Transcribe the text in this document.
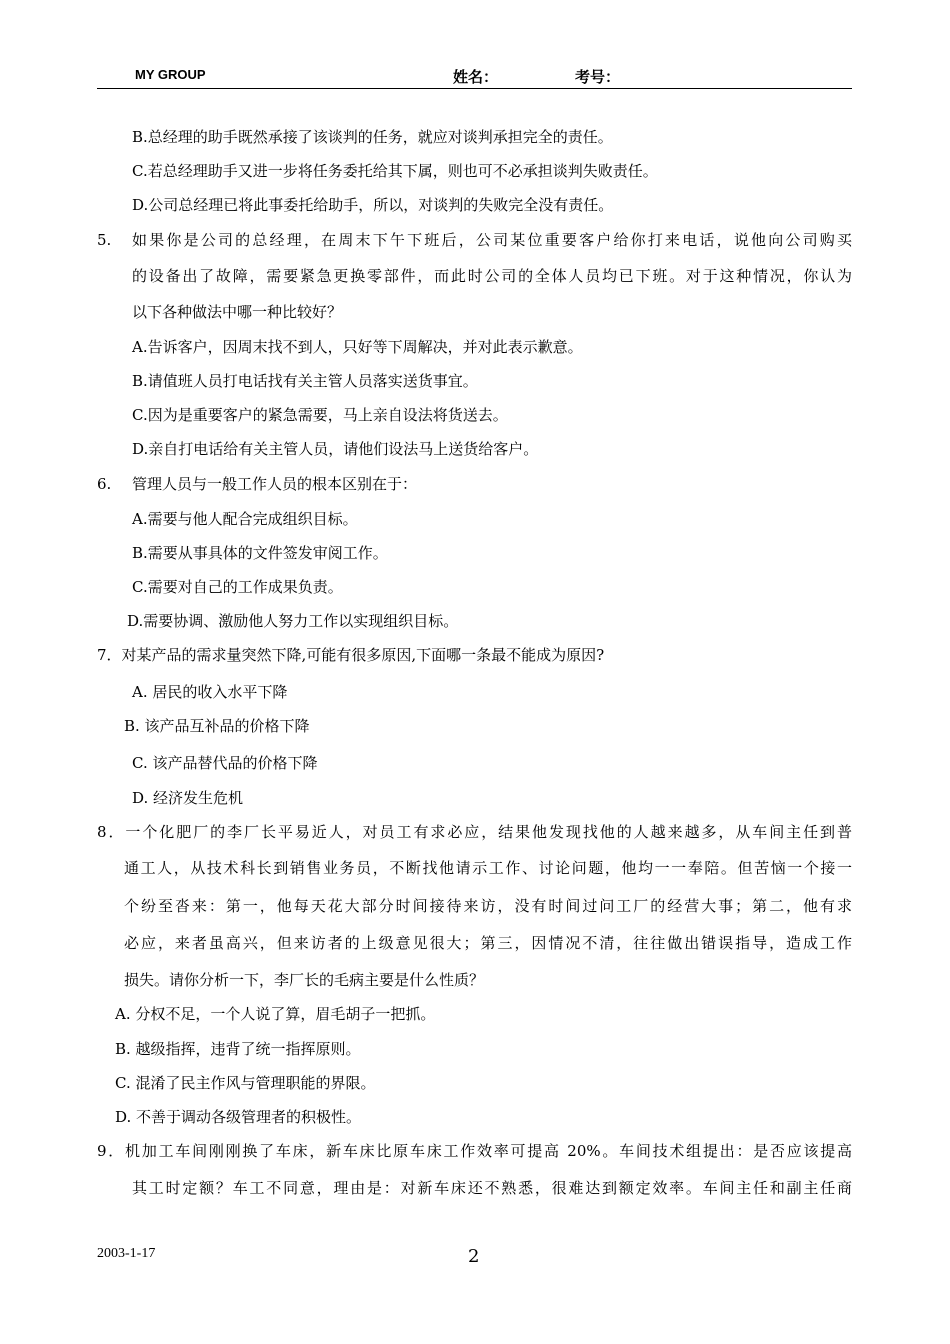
MY GROUP	姓名：	考号：
B.总经理的助手既然承接了该谈判的任务，就应对谈判承担完全的责任。
C.若总经理助手又进一步将任务委托给其下属，则也可不必承担谈判失败责任。
D.公司总经理已将此事委托给助手，所以，对谈判的失败完全没有责任。
5. 如果你是公司的总经理，在周末下午下班后，公司某位重要客户给你打来电话，说他向公司购买
的设备出了故障，需要紧急更换零部件，而此时公司的全体人员均已下班。对于这种情况，你认为
以下各种做法中哪一种比较好？
A.告诉客户，因周末找不到人，只好等下周解决，并对此表示歉意。
B.请值班人员打电话找有关主管人员落实送货事宜。
C.因为是重要客户的紧急需要，马上亲自设法将货送去。
D.亲自打电话给有关主管人员，请他们设法马上送货给客户。
6. 管理人员与一般工作人员的根本区别在于：
A.需要与他人配合完成组织目标。
B.需要从事具体的文件签发审阅工作。
C.需要对自己的工作成果负责。
D.需要协调、激励他人努力工作以实现组织目标。
7．对某产品的需求量突然下降,可能有很多原因,下面哪一条最不能成为原因?
A. 居民的收入水平下降
B. 该产品互补品的价格下降
C. 该产品替代品的价格下降
D. 经济发生危机
8．一个化肥厂的李厂长平易近人，对员工有求必应，结果他发现找他的人越来越多，从车间主任到普
通工人，从技术科长到销售业务员，不断找他请示工作、讨论问题，他均一一奉陪。但苦恼一个接一
个纷至沓来：第一，他每天花大部分时间接待来访，没有时间过问工厂的经营大事；第二，他有求
必应，来者虽高兴，但来访者的上级意见很大；第三，因情况不清，往往做出错误指导，造成工作
损失。请你分析一下，李厂长的毛病主要是什么性质？
A. 分权不足，一个人说了算，眉毛胡子一把抓。
B. 越级指挥，违背了统一指挥原则。
C. 混淆了民主作风与管理职能的界限。
D. 不善于调动各级管理者的积极性。
9．机加工车间刚刚换了车床，新车床比原车床工作效率可提高 20%。车间技术组提出：是否应该提高
其工时定额？车工不同意，理由是：对新车床还不熟悉，很难达到额定效率。车间主任和副主任商
2003-1-17	2
